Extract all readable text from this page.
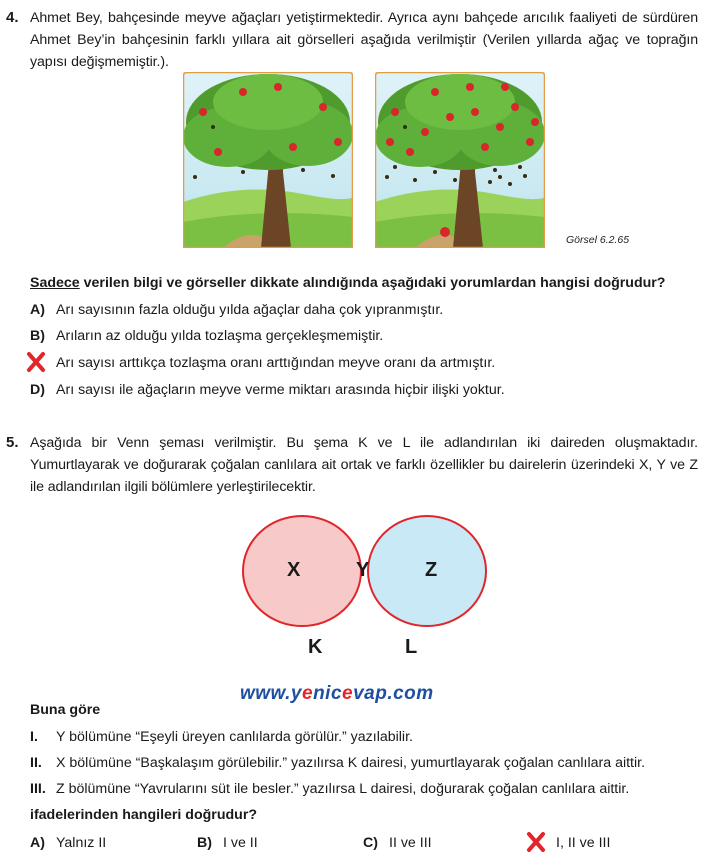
4. Ahmet Bey, bahçesinde meyve ağaçları yetiştirmektedir. Ayrıca aynı bahçede arıcılık faaliyeti de sürdüren Ahmet Bey’in bahçesinin farklı yıllara ait görselleri aşağıda verilmiştir (Verilen yıllarda ağaç ve toprağın yapısı değişmemiştir.).
Görsel 6.2.65
Sadece verilen bilgi ve görseller dikkate alındığında aşağıdaki yorumlardan hangisi doğrudur?
A) Arı sayısının fazla olduğu yılda ağaçlar daha çok yıpranmıştır.
B) Arıların az olduğu yılda tozlaşma gerçekleşmemiştir.
Arı sayısı arttıkça tozlaşma oranı arttığından meyve oranı da artmıştır.
D) Arı sayısı ile ağaçların meyve verme miktarı arasında hiçbir ilişki yoktur.
5. Aşağıda bir Venn şeması verilmiştir. Bu şema K ve L ile adlandırılan iki daireden oluşmaktadır. Yumurtlayarak ve doğurarak çoğalan canlılara ait ortak ve farklı özellikler bu dairelerin üzerindeki X, Y ve Z ile adlandırılan ilgili bölümlere yerleştirilecektir.
X	Y	Z
K	L
www.yenicevap.com
Buna göre
I. Y bölümüne “Eşeyli üreyen canlılarda görülür.” yazılabilir.
II. X bölümüne “Başkalaşım görülebilir.” yazılırsa K dairesi, yumurtlayarak çoğalan canlılara aittir.
III. Z bölümüne “Yavrularını süt ile besler.” yazılırsa L dairesi, doğurarak çoğalan canlılara aittir.
ifadelerinden hangileri doğrudur?
A) Yalnız II	B) I ve II	C) II ve III	I, II ve III
